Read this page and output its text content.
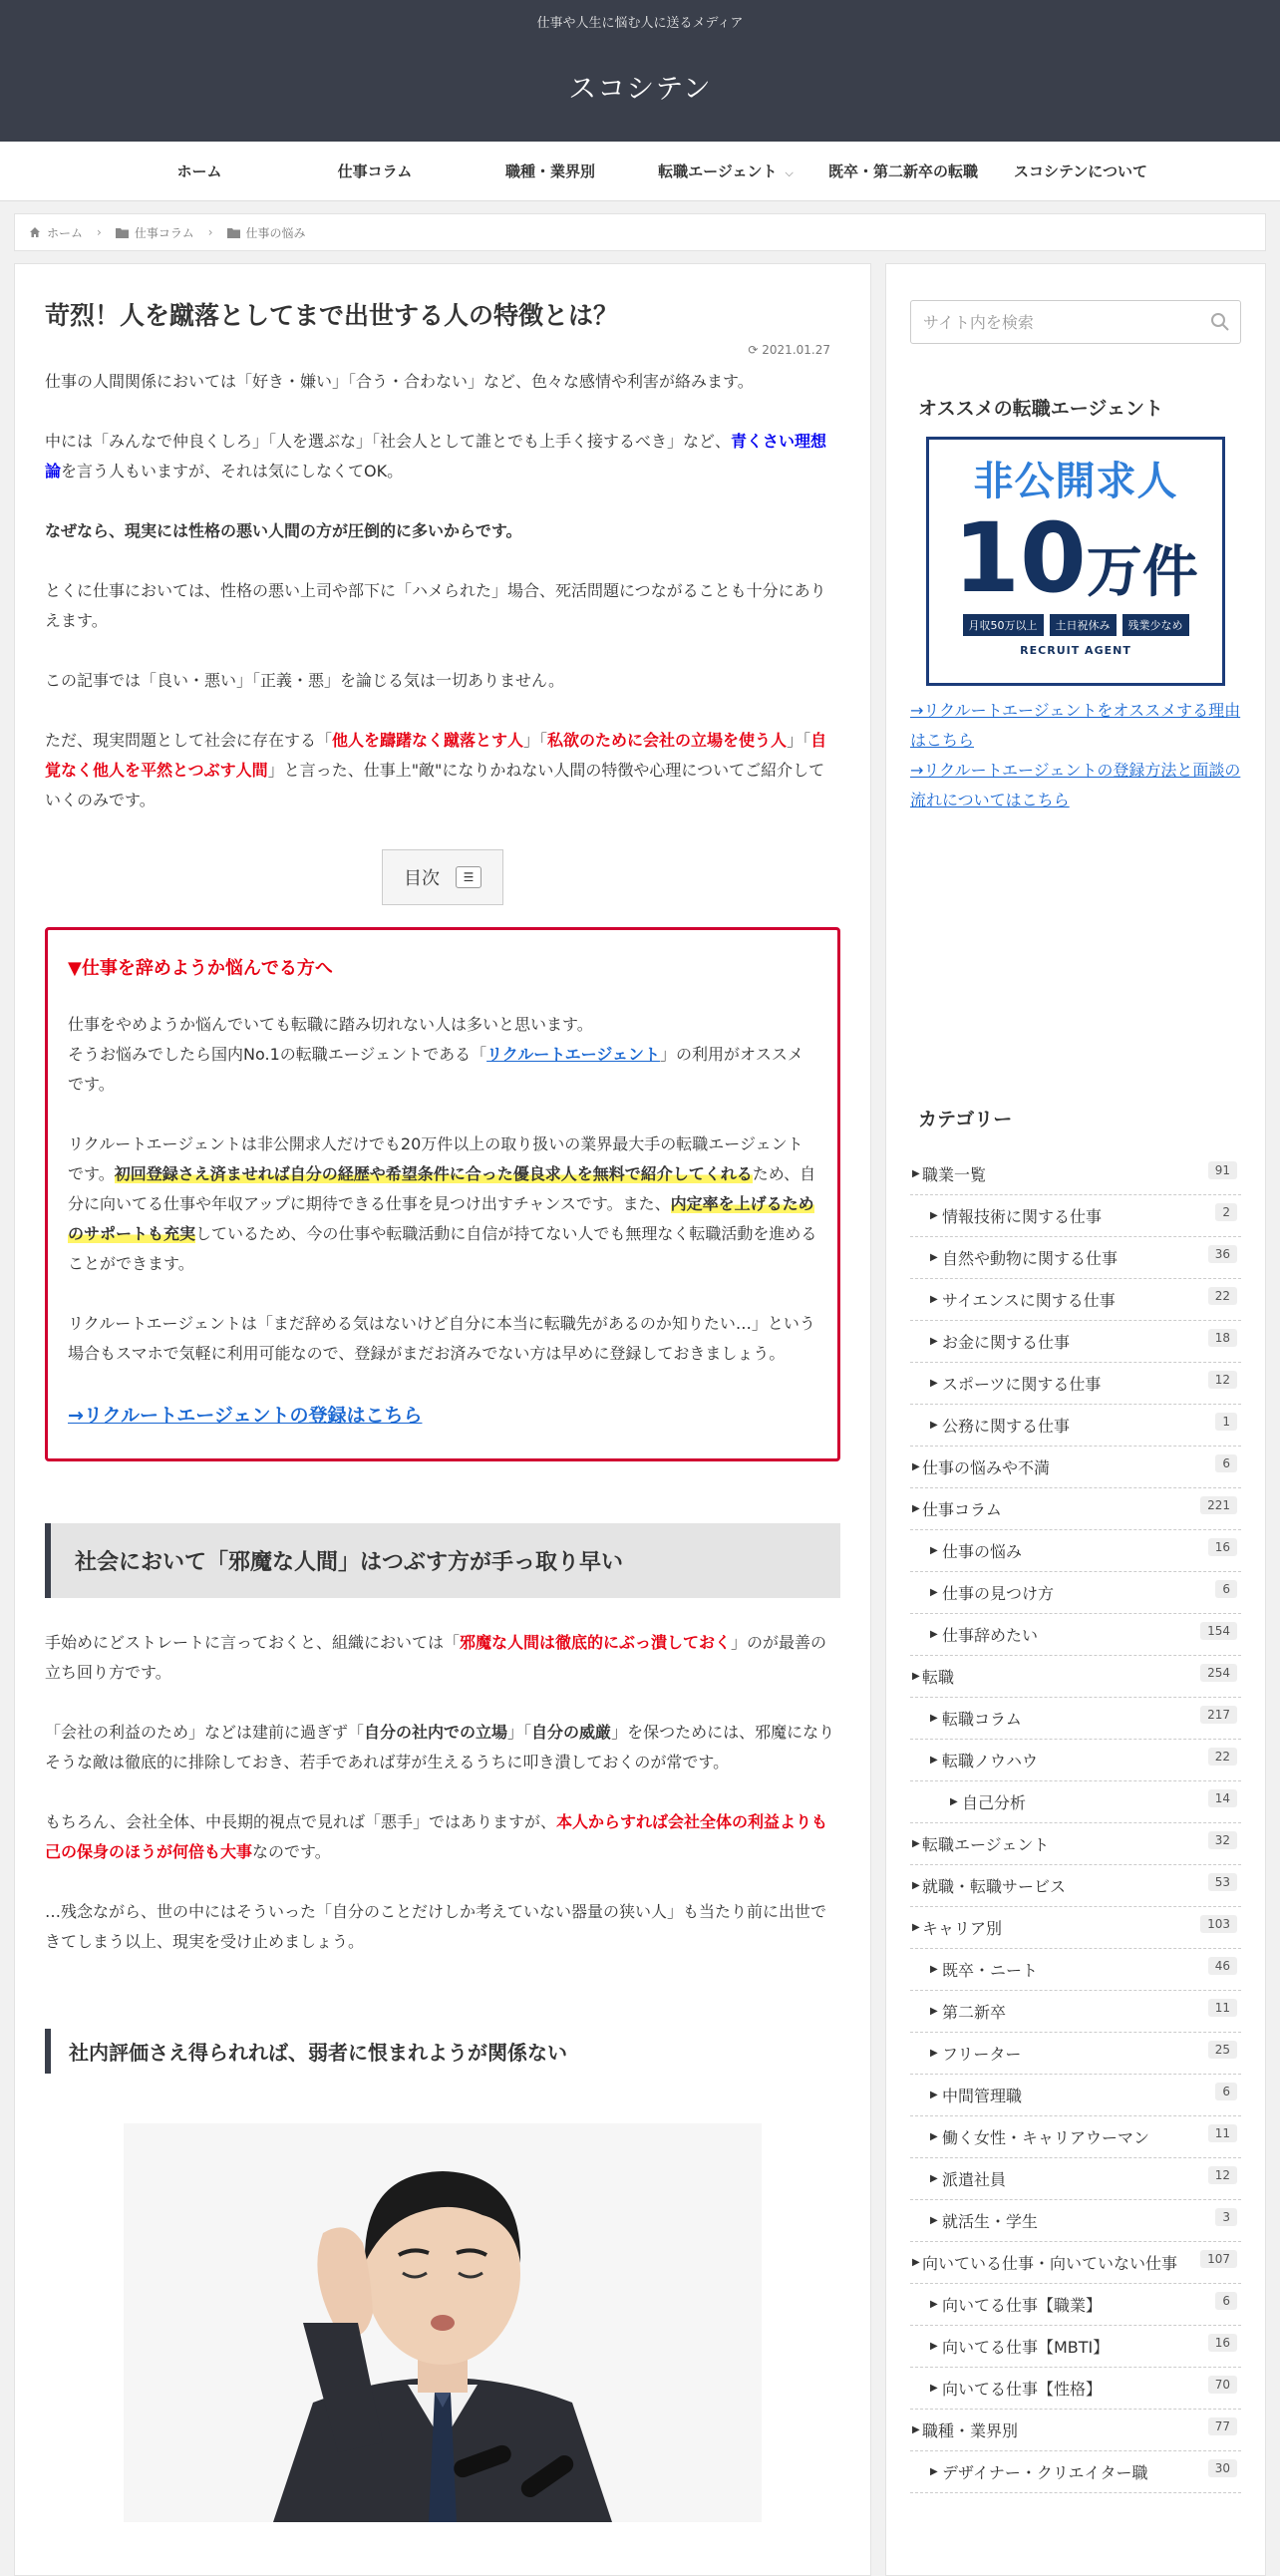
仕事や人生に悩む人に送るメディア
スコシテン
ホーム	仕事コラム	職種・業界別	転職エージェント ⌵	既卒・第二新卒の転職	スコシテンについて
ホーム ›	仕事コラム ›	仕事の悩み
苛烈！人を蹴落としてまで出世する人の特徴とは？
⟳ 2021.01.27

仕事の人間関係においては「好き・嫌い」「合う・合わない」など、色々な感情や利害が絡みます。

中には「みんなで仲良くしろ」「人を選ぶな」「社会人として誰とでも上手く接するべき」など、青くさい理想論を言う人もいますが、それは気にしなくてOK。

なぜなら、現実には性格の悪い人間の方が圧倒的に多いからです。

とくに仕事においては、性格の悪い上司や部下に「ハメられた」場合、死活問題につながることも十分にありえます。

この記事では「良い・悪い」「正義・悪」を論じる気は一切ありません。

ただ、現実問題として社会に存在する「他人を躊躇なく蹴落とす人」「私欲のために会社の立場を使う人」「自覚なく他人を平然とつぶす人間」と言った、仕事上"敵"になりかねない人間の特徴や心理についてご紹介していくのみです。

目次 ☰
▼仕事を辞めようか悩んでる方へ

仕事をやめようか悩んでいても転職に踏み切れない人は多いと思います。
そうお悩みでしたら国内No.1の転職エージェントである「リクルートエージェント」の利用がオススメです。

リクルートエージェントは非公開求人だけでも20万件以上の取り扱いの業界最大手の転職エージェントです。初回登録さえ済ませれば自分の経歴や希望条件に合った優良求人を無料で紹介してくれるため、自分に向いてる仕事や年収アップに期待できる仕事を見つけ出すチャンスです。また、内定率を上げるためのサポートも充実しているため、今の仕事や転職活動に自信が持てない人でも無理なく転職活動を進めることができます。

リクルートエージェントは「まだ辞める気はないけど自分に本当に転職先があるのか知りたい…」という場合もスマホで気軽に利用可能なので、登録がまだお済みでない方は早めに登録しておきましょう。

→リクルートエージェントの登録はこちら

社会において「邪魔な人間」はつぶす方が手っ取り早い

手始めにどストレートに言っておくと、組織においては「邪魔な人間は徹底的にぶっ潰しておく」のが最善の立ち回り方です。

「会社の利益のため」などは建前に過ぎず「自分の社内での立場」「自分の威厳」を保つためには、邪魔になりそうな敵は徹底的に排除しておき、若手であれば芽が生えるうちに叩き潰しておくのが常です。

もちろん、会社全体、中長期的視点で見れば「悪手」ではありますが、本人からすれば会社全体の利益よりも己の保身のほうが何倍も大事なのです。

…残念ながら、世の中にはそういった「自分のことだけしか考えていない器量の狭い人」も当たり前に出世できてしまう以上、現実を受け止めましょう。

社内評価さえ得られれば、弱者に恨まれようが関係ない
サイト内を検索
オススメの転職エージェント
非公開求人
10万件
月収50万以上	土日祝休み	残業少なめ
RECRUIT AGENT
→リクルートエージェントをオススメする理由はこちら
→リクルートエージェントの登録方法と面談の流れについてはこちら
カテゴリー
▶ 職業一覧	91
▶ 情報技術に関する仕事	2
▶ 自然や動物に関する仕事	36
▶ サイエンスに関する仕事	22
▶ お金に関する仕事	18
▶ スポーツに関する仕事	12
▶ 公務に関する仕事	1
▶ 仕事の悩みや不満	6
▶ 仕事コラム	221
▶ 仕事の悩み	16
▶ 仕事の見つけ方	6
▶ 仕事辞めたい	154
▶ 転職	254
▶ 転職コラム	217
▶ 転職ノウハウ	22
▶ 自己分析	14
▶ 転職エージェント	32
▶ 就職・転職サービス	53
▶ キャリア別	103
▶ 既卒・ニート	46
▶ 第二新卒	11
▶ フリーター	25
▶ 中間管理職	6
▶ 働く女性・キャリアウーマン	11
▶ 派遣社員	12
▶ 就活生・学生	3
▶ 向いている仕事・向いていない仕事	107
▶ 向いてる仕事【職業】	6
▶ 向いてる仕事【MBTI】	16
▶ 向いてる仕事【性格】	70
▶ 職種・業界別	77
▶ デザイナー・クリエイター職	30
